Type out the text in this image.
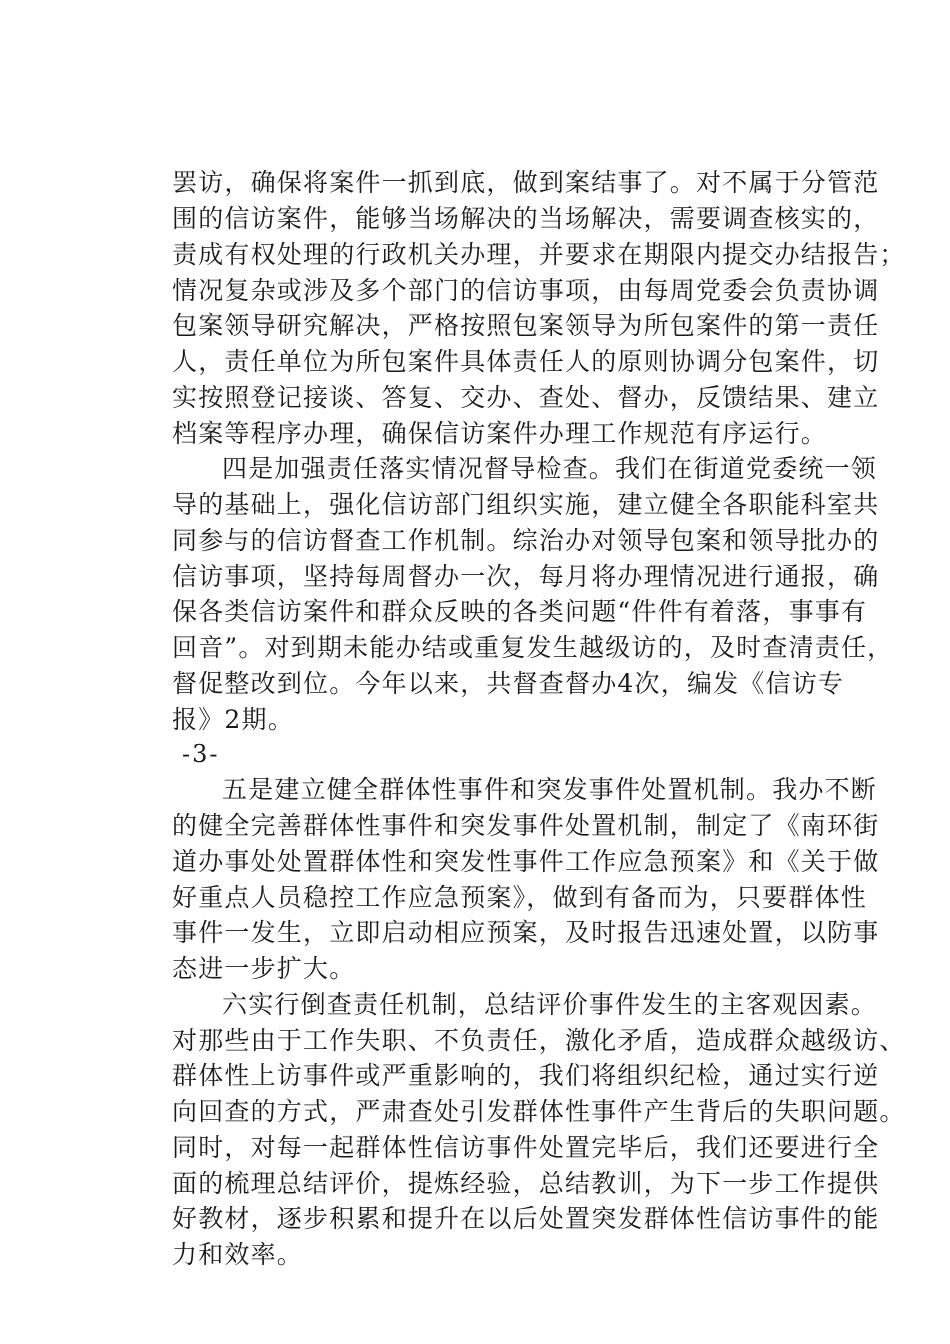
罢访，确保将案件一抓到底，做到案结事了。对不属于分管范
围的信访案件，能够当场解决的当场解决，需要调查核实的，
责成有权处理的行政机关办理，并要求在期限内提交办结报告；
情况复杂或涉及多个部门的信访事项，由每周党委会负责协调
包案领导研究解决，严格按照包案领导为所包案件的第一责任
人，责任单位为所包案件具体责任人的原则协调分包案件，切
实按照登记接谈、答复、交办、查处、督办，反馈结果、建立
档案等程序办理，确保信访案件办理工作规范有序运行。
四是加强责任落实情况督导检查。我们在街道党委统一领
导的基础上，强化信访部门组织实施，建立健全各职能科室共
同参与的信访督查工作机制。综治办对领导包案和领导批办的
信访事项，坚持每周督办一次，每月将办理情况进行通报，确
保各类信访案件和群众反映的各类问题“件件有着落，事事有
回音”。对到期未能办结或重复发生越级访的，及时查清责任，
督促整改到位。今年以来，共督查督办4次，编发《信访专
报》2期。
-3-
五是建立健全群体性事件和突发事件处置机制。我办不断
的健全完善群体性事件和突发事件处置机制，制定了《南环街
道办事处处置群体性和突发性事件工作应急预案》和《关于做
好重点人员稳控工作应急预案》，做到有备而为，只要群体性
事件一发生，立即启动相应预案，及时报告迅速处置，以防事
态进一步扩大。
六实行倒查责任机制，总结评价事件发生的主客观因素。
对那些由于工作失职、不负责任，激化矛盾，造成群众越级访、
群体性上访事件或严重影响的，我们将组织纪检，通过实行逆
向回查的方式，严肃查处引发群体性事件产生背后的失职问题。
同时，对每一起群体性信访事件处置完毕后，我们还要进行全
面的梳理总结评价，提炼经验，总结教训，为下一步工作提供
好教材，逐步积累和提升在以后处置突发群体性信访事件的能
力和效率。
